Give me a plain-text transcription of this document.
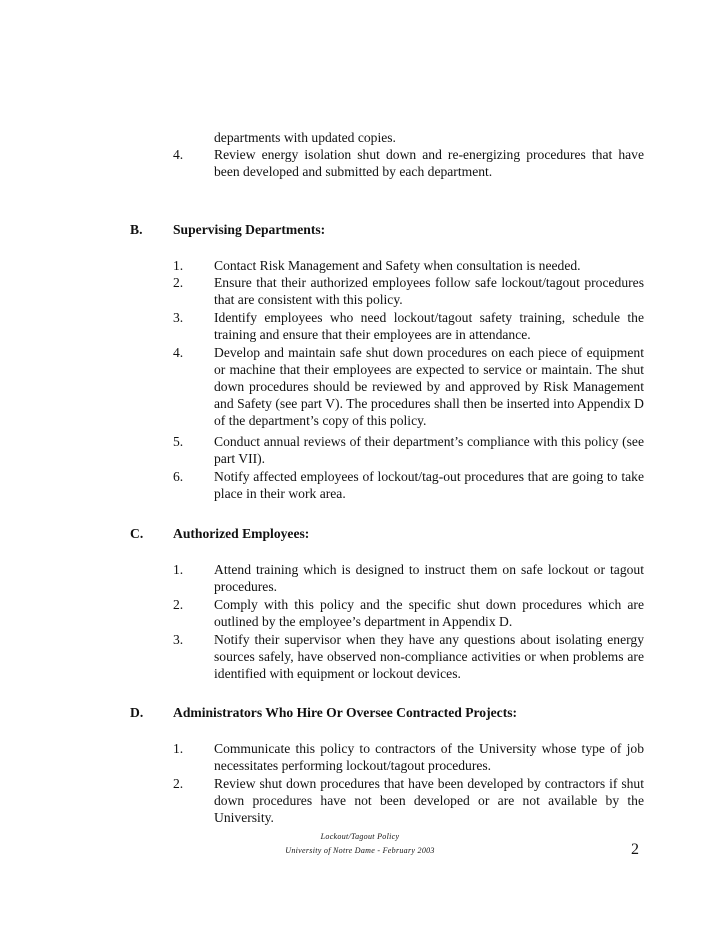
departments with updated copies.
4.	Review energy isolation shut down and re-energizing procedures that have been developed and submitted by each department.
B. Supervising Departments:
1.	Contact Risk Management and Safety when consultation is needed.
2.	Ensure that their authorized employees follow safe lockout/tagout procedures that are consistent with this policy.
3.	Identify employees who need lockout/tagout safety training, schedule the training and ensure that their employees are in attendance.
4.	Develop and maintain safe shut down procedures on each piece of equipment or machine that their employees are expected to service or maintain. The shut down procedures should be reviewed by and approved by Risk Management and Safety (see part V). The procedures shall then be inserted into Appendix D of the department’s copy of this policy.
5.	Conduct annual reviews of their department’s compliance with this policy (see part VII).
6.	Notify affected employees of lockout/tag-out procedures that are going to take place in their work area.
C. Authorized Employees:
1.	Attend training which is designed to instruct them on safe lockout or tagout procedures.
2.	Comply with this policy and the specific shut down procedures which are outlined by the employee’s department in Appendix D.
3.	Notify their supervisor when they have any questions about isolating energy sources safely, have observed non-compliance activities or when problems are identified with equipment or lockout devices.
D. Administrators Who Hire Or Oversee Contracted Projects:
1.	Communicate this policy to contractors of the University whose type of job necessitates performing lockout/tagout procedures.
2.	Review shut down procedures that have been developed by contractors if shut down procedures have not been developed or are not available by the University.
Lockout/Tagout Policy
University of Notre Dame - February 2003	2
